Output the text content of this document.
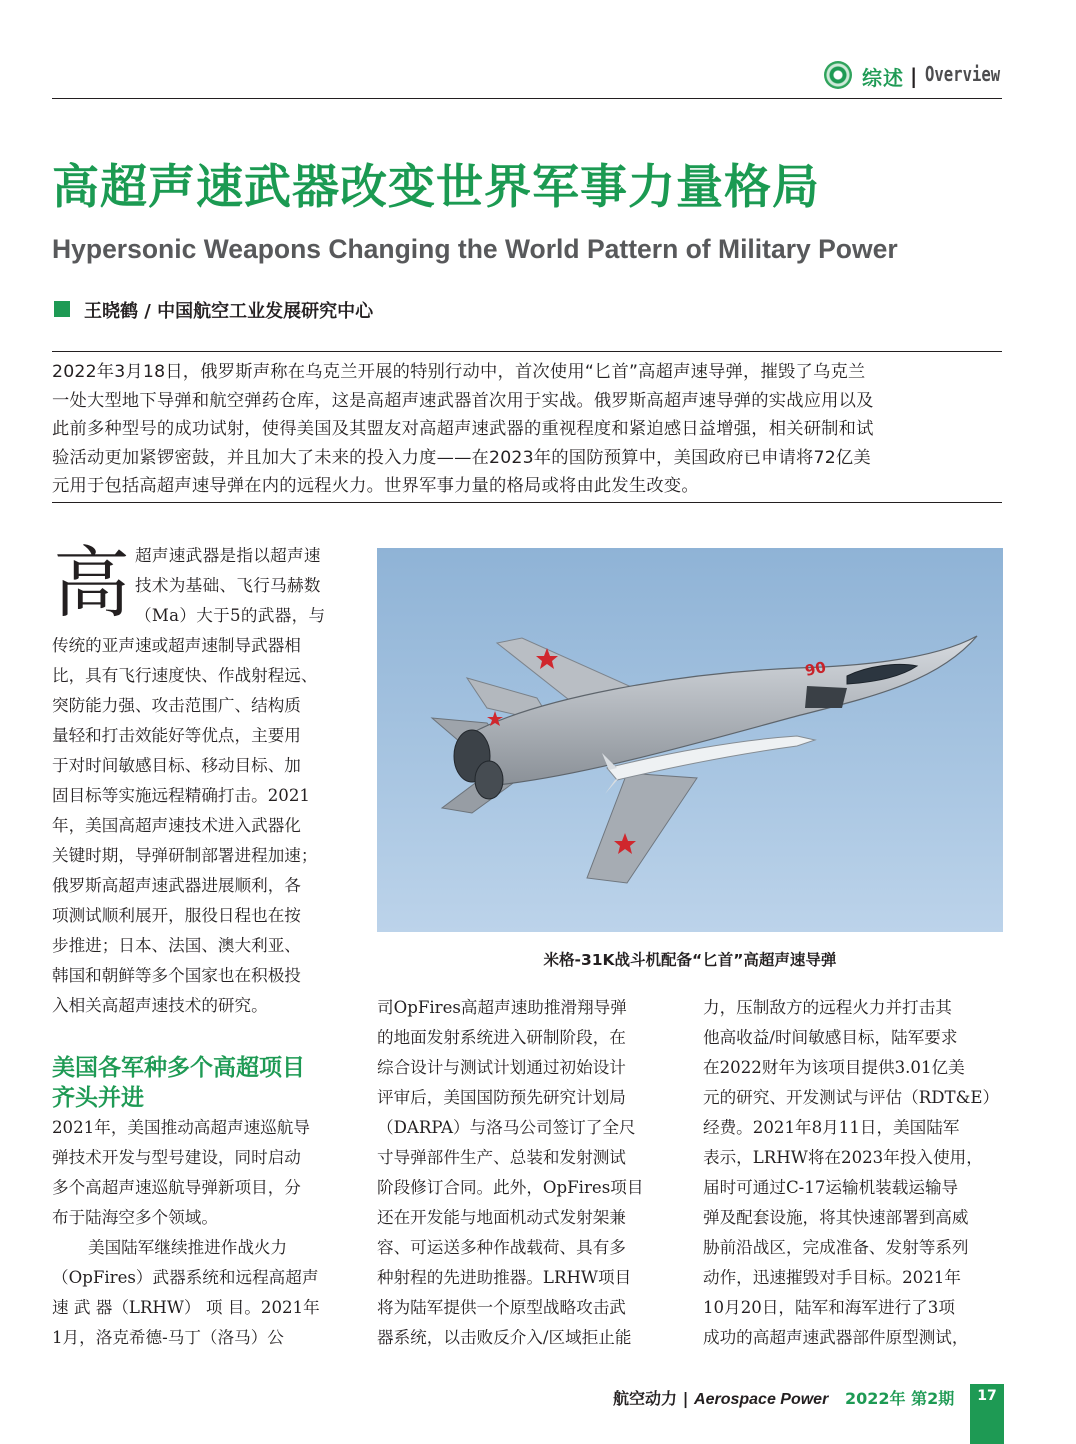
综述 | Overview
高超声速武器改变世界军事力量格局
Hypersonic Weapons Changing the World Pattern of Military Power
王晓鹤 / 中国航空工业发展研究中心
2022年3月18日，俄罗斯声称在乌克兰开展的特别行动中，首次使用“匕首”高超声速导弹，摧毁了乌克兰
一处大型地下导弹和航空弹药仓库，这是高超声速武器首次用于实战。俄罗斯高超声速导弹的实战应用以及
此前多种型号的成功试射，使得美国及其盟友对高超声速武器的重视程度和紧迫感日益增强，相关研制和试
验活动更加紧锣密鼓，并且加大了未来的投入力度——在2023年的国防预算中，美国政府已申请将72亿美
元用于包括高超声速导弹在内的远程火力。世界军事力量的格局或将由此发生改变。
高 超声速武器是指以超声速
技术为基础、飞行马赫数
（Ma）大于5的武器，与
传统的亚声速或超声速制导武器相
比，具有飞行速度快、作战射程远、
突防能力强、攻击范围广、结构质
量轻和打击效能好等优点，主要用
于对时间敏感目标、移动目标、加
固目标等实施远程精确打击。2021
年，美国高超声速技术进入武器化
关键时期，导弹研制部署进程加速；
俄罗斯高超声速武器进展顺利，各
项测试顺利展开，服役日程也在按
步推进；日本、法国、澳大利亚、
韩国和朝鲜等多个国家也在积极投
入相关高超声速技术的研究。
美国各军种多个高超项目
齐头并进
2021年，美国推动高超声速巡航导
弹技术开发与型号建设，同时启动
多个高超声速巡航导弹新项目，分
布于陆海空多个领域。
美国陆军继续推进作战火力
（OpFires）武器系统和远程高超声
速 武 器（LRHW） 项 目。2021年
1月，洛克希德-马丁（洛马）公
90
米格-31K战斗机配备“匕首”高超声速导弹
司OpFires高超声速助推滑翔导弹
的地面发射系统进入研制阶段，在
综合设计与测试计划通过初始设计
评审后，美国国防预先研究计划局
（DARPA）与洛马公司签订了全尺
寸导弹部件生产、总装和发射测试
阶段修订合同。此外，OpFires项目
还在开发能与地面机动式发射架兼
容、可运送多种作战载荷、具有多
种射程的先进助推器。LRHW项目
将为陆军提供一个原型战略攻击武
器系统，以击败反介入/区域拒止能
力，压制敌方的远程火力并打击其
他高收益/时间敏感目标，陆军要求
在2022财年为该项目提供3.01亿美
元的研究、开发测试与评估（RDT&E）
经费。2021年8月11日，美国陆军
表示，LRHW将在2023年投入使用，
届时可通过C-17运输机装载运输导
弹及配套设施，将其快速部署到高威
胁前沿战区，完成准备、发射等系列
动作，迅速摧毁对手目标。2021年
10月20日，陆军和海军进行了3项
成功的高超声速武器部件原型测试，
航空动力 | Aerospace Power 2022年 第2期	17
